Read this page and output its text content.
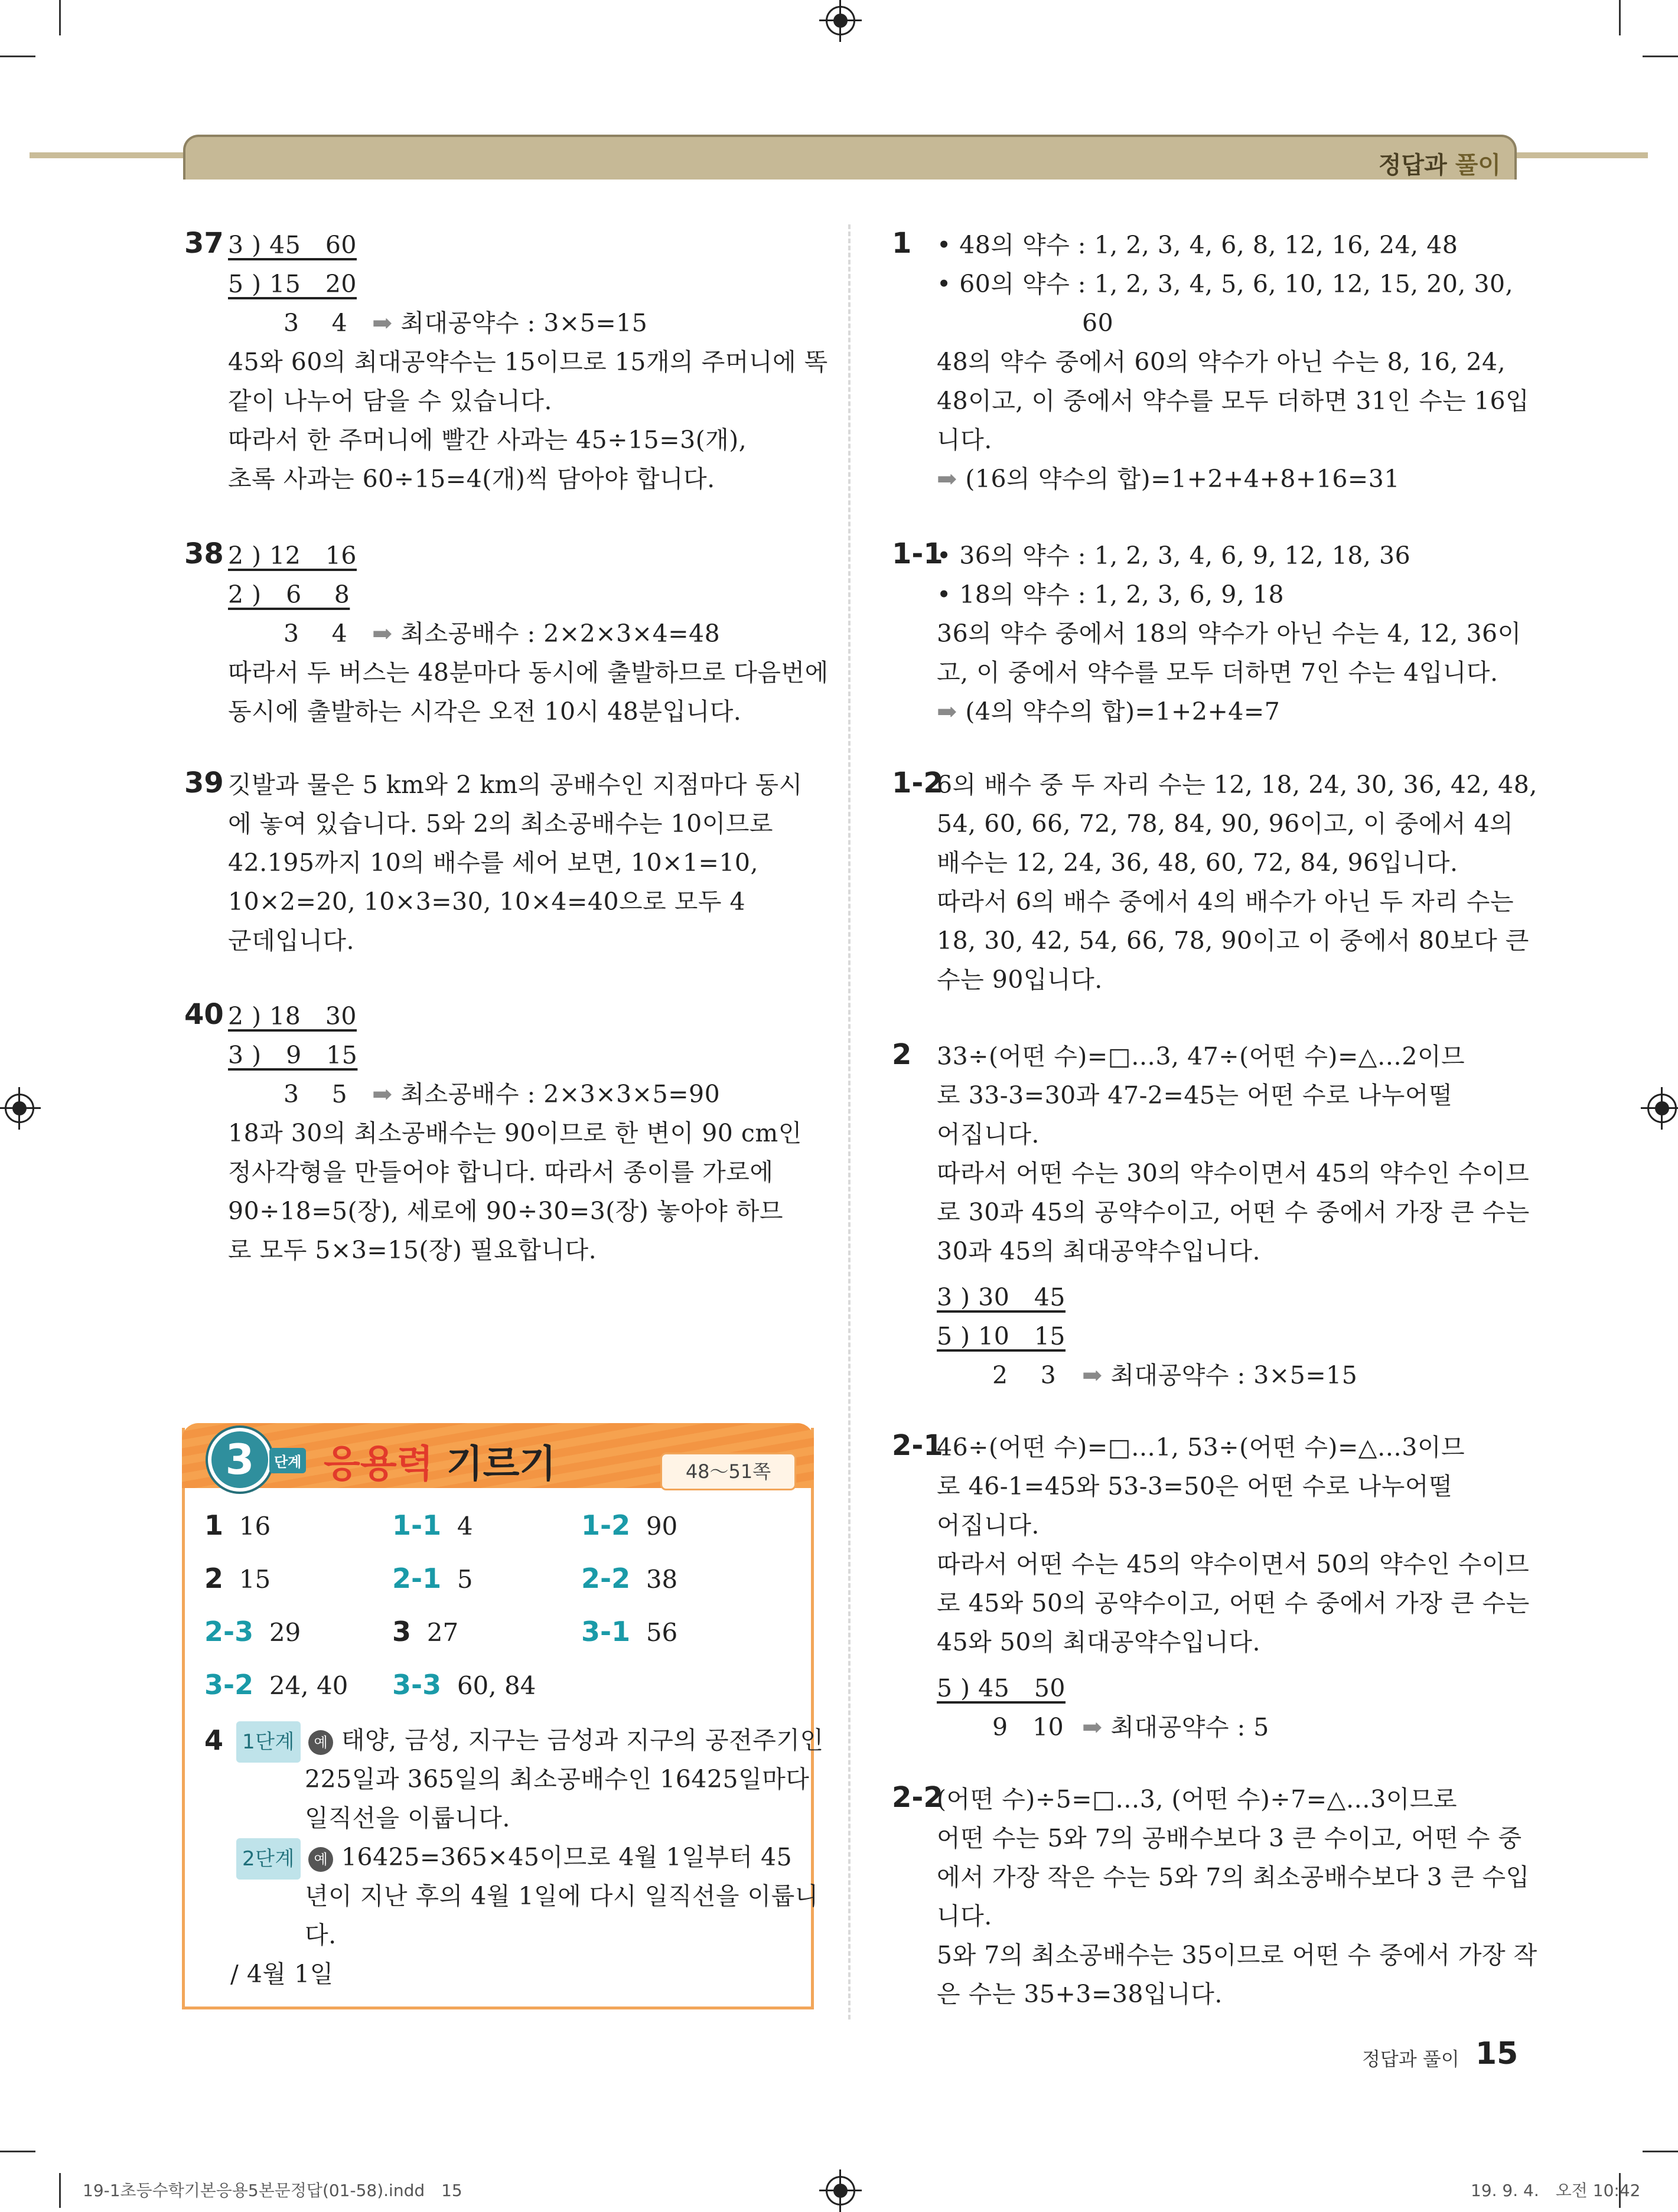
정답과 풀이
37 3 ) 45　60
5 ) 15　20
3　 4 ➡ 최대공약수 : 3×5=15
45와 60의 최대공약수는 15이므로 15개의 주머니에 똑
같이 나누어 담을 수 있습니다.
따라서 한 주머니에 빨간 사과는 45÷15=3(개),
초록 사과는 60÷15=4(개)씩 담아야 합니다.
38 2 ) 12　16
2 )　6　 8
3　 4 ➡ 최소공배수 : 2×2×3×4=48
따라서 두 버스는 48분마다 동시에 출발하므로 다음번에
동시에 출발하는 시각은 오전 10시 48분입니다.
39 깃발과 물은 5 km와 2 km의 공배수인 지점마다 동시
에 놓여 있습니다. 5와 2의 최소공배수는 10이므로
42.195까지 10의 배수를 세어 보면, 10×1=10,
10×2=20, 10×3=30, 10×4=40으로 모두 4
군데입니다.
40 2 ) 18　30
3 )　9　15
3　 5 ➡ 최소공배수 : 2×3×3×5=90
18과 30의 최소공배수는 90이므로 한 변이 90 cm인
정사각형을 만들어야 합니다. 따라서 종이를 가로에
90÷18=5(장), 세로에 90÷30=3(장) 놓아야 하므
로 모두 5×3=15(장) 필요합니다.
3	단계 응용력 기르기	48～51쪽
1 16	1-1 4	1-2 90
2 15	2-1 5	2-2 38
2-3 29	3 27	3-1 56
3-2 24, 40 3-3 60, 84
4 1단계 예 태양, 금성, 지구는 금성과 지구의 공전주기인
225일과 365일의 최소공배수인 16425일마다
일직선을 이룹니다.
2단계 예 16425=365×45이므로 4월 1일부터 45
년이 지난 후의 4월 1일에 다시 일직선을 이룹니
다.
/ 4월 1일
1 • 48의 약수 : 1, 2, 3, 4, 6, 8, 12, 16, 24, 48
• 60의 약수 : 1, 2, 3, 4, 5, 6, 10, 12, 15, 20, 30,
60
48의 약수 중에서 60의 약수가 아닌 수는 8, 16, 24,
48이고, 이 중에서 약수를 모두 더하면 31인 수는 16입
니다.
➡ (16의 약수의 합)=1+2+4+8+16=31
1-1
• 36의 약수 : 1, 2, 3, 4, 6, 9, 12, 18, 36
• 18의 약수 : 1, 2, 3, 6, 9, 18
36의 약수 중에서 18의 약수가 아닌 수는 4, 12, 36이
고, 이 중에서 약수를 모두 더하면 7인 수는 4입니다.
➡ (4의 약수의 합)=1+2+4=7
1-2
6의 배수 중 두 자리 수는 12, 18, 24, 30, 36, 42, 48,
54, 60, 66, 72, 78, 84, 90, 96이고, 이 중에서 4의
배수는 12, 24, 36, 48, 60, 72, 84, 96입니다.
따라서 6의 배수 중에서 4의 배수가 아닌 두 자리 수는
18, 30, 42, 54, 66, 78, 90이고 이 중에서 80보다 큰
수는 90입니다.
2 33÷(어떤 수)=□…3, 47÷(어떤 수)=△…2이므
로 33-3=30과 47-2=45는 어떤 수로 나누어떨
어집니다.
따라서 어떤 수는 30의 약수이면서 45의 약수인 수이므
로 30과 45의 공약수이고, 어떤 수 중에서 가장 큰 수는
30과 45의 최대공약수입니다.
3 ) 30　45
5 ) 10　15
2　 3 ➡ 최대공약수 : 3×5=15
2-1
46÷(어떤 수)=□…1, 53÷(어떤 수)=△…3이므
로 46-1=45와 53-3=50은 어떤 수로 나누어떨
어집니다.
따라서 어떤 수는 45의 약수이면서 50의 약수인 수이므
로 45와 50의 공약수이고, 어떤 수 중에서 가장 큰 수는
45와 50의 최대공약수입니다.
5 ) 45　50
9　10 ➡ 최대공약수 : 5
2-2
(어떤 수)÷5=□…3, (어떤 수)÷7=△…3이므로
어떤 수는 5와 7의 공배수보다 3 큰 수이고, 어떤 수 중
에서 가장 작은 수는 5와 7의 최소공배수보다 3 큰 수입
니다.
5와 7의 최소공배수는 35이므로 어떤 수 중에서 가장 작
은 수는 35+3=38입니다.
정답과 풀이 15
19-1초등수학기본응용5본문정답(01-58).indd　15	19. 9. 4.　오전 10:42
